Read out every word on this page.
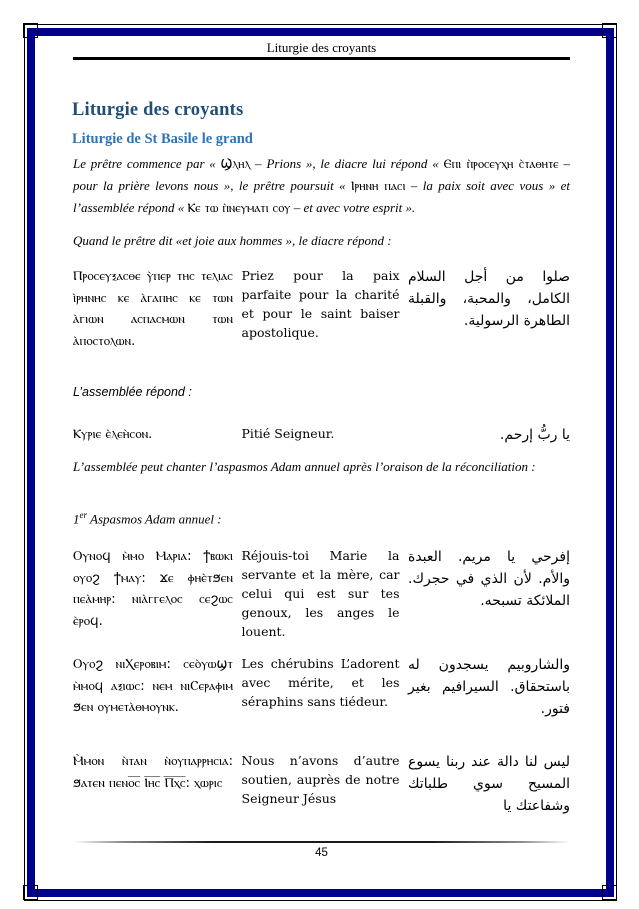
Liturgie des croyants
Liturgie des croyants
Liturgie de St Basile le grand

Le prêtre commence par « Ϣ̀ⲗⲏⲗ – Prions », le diacre lui répond « Ⲉⲡⲓ ⲡ̀ⲣⲟⲥⲉⲩⲭⲏ ⲥ̀ⲧⲁⲑⲏⲧⲉ – pour la prière levons nous », le prêtre poursuit « Ⲓⲣⲏⲛⲏ ⲡⲁⲥⲓ – la paix soit avec vous » et l’assemblée répond « Ⲕⲉ ⲧⲱ ⲡ̀ⲛⲉⲩⲙⲁⲧⲓ ⲥⲟⲩ – et avec votre esprit ».

Quand le prêtre dit «et joie aux hommes », le diacre répond :

Ⲡⲣⲟⲥⲉⲩⲝⲁⲥⲑⲉ ⲩ̀ⲡⲉⲣ ⲧⲏⲥ ⲧⲉⲗⲓⲁⲥ ⲓ̀ⲣⲏⲛⲏⲥ ⲕⲉ ⲁ̀ⲅⲁⲡⲏⲥ ⲕⲉ ⲧⲱⲛ ⲁ̀ⲅⲓⲱⲛ ⲁⲥⲡⲁⲥⲙⲱⲛ ⲧⲱⲛ ⲁ̀ⲡⲟⲥⲧⲟⲗⲱⲛ.
Priez pour la paix parfaite pour la charité et pour le saint baiser apostolique.
صلوا من أجل السلام الكامل، والمحبة، والقبلة الطاهرة الرسولية.

L’assemblée répond :

Ⲕⲩⲣⲓⲉ ⲉ̀ⲗⲉⲏ̀ⲥⲟⲛ.	Pitié Seigneur.	يا ربُّ إرحم.

L’assemblée peut chanter l’aspasmos Adam annuel après l’oraison de la réconciliation :

1er Aspasmos Adam annuel :

Ⲟⲩⲛⲟϥ ⲙ̀ⲙⲟ Ⲙⲁⲣⲓⲁ: ϯⲃⲱⲕⲓ ⲟⲩⲟϩ ϯⲙⲁⲩ: ϫⲉ ⲫⲏⲉ̀ⲧϧⲉⲛ ⲡⲉⲁ̀ⲙⲏⲣ: ⲛⲓⲁ̀ⲅⲅⲉⲗⲟⲥ ⲥⲉϩⲱⲥ ⲉ̀ⲣⲟϥ.
Réjouis-toi Marie la servante et la mère, car celui qui est sur tes genoux, les anges le louent.
إفرحي يا مريم. العبدة والأم. لأن الذي في حجرك. الملائكة تسبحه.
Ⲟⲩⲟϩ ⲛⲓⲬⲉⲣⲟⲃⲓⲙ: ⲥⲉⲟ̀ⲩⲱϣⲧ ⲙ̀ⲙⲟϥ ⲁⲝⲓⲱⲥ: ⲛⲉⲙ ⲛⲓⲤⲉⲣⲁⲫⲓⲙ ϧⲉⲛ ⲟⲩⲙⲉⲧⲁ̀ⲑⲙⲟⲩⲛⲕ.
Les chérubins L’adorent avec mérite, et les séraphins sans tiédeur.
والشاروبيم يسجدون له باستحقاق. السيرافيم بغير فتور.
Ⲙ̀ⲙⲟⲛ ⲛ̀ⲧⲁⲛ ⲛ̀ⲟⲩⲡⲁⲣⲣⲏⲥⲓⲁ: ϧⲁⲧⲉⲛ ⲡⲉⲛⲟ̅ⲥ̅ Ⲓ̅ⲏ̅ⲥ̅ Ⲡ̅ⲭ̅ⲥ̅: ⲭⲱⲣⲓⲥ
Nous n’avons d’autre soutien, auprès de notre Seigneur Jésus
ليس لنا دالة عند ربنا يسوع المسيح سوي طلباتك وشفاعتك يا
45
